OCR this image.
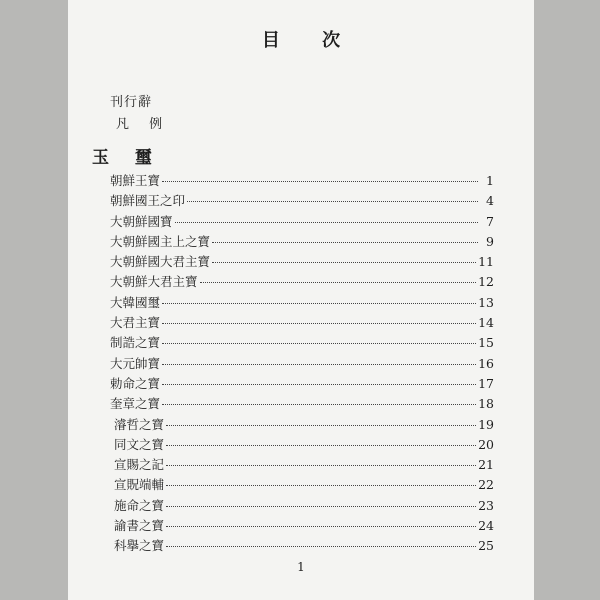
目 次
刊行辭
凡 例
玉 璽
朝鮮王寶	1
朝鮮國王之印	4
大朝鮮國寶	7
大朝鮮國主上之寶	9
大朝鮮國大君主寶	11
大朝鮮大君主寶	12
大韓國璽	13
大君主寶	14
制誥之寶	15
大元帥寶	16
勅命之寶	17
奎章之寶	18
濬哲之寶	19
同文之寶	20
宣賜之記	21
宣貺端輔	22
施命之寶	23
諭書之寶	24
科擧之寶	25
1
